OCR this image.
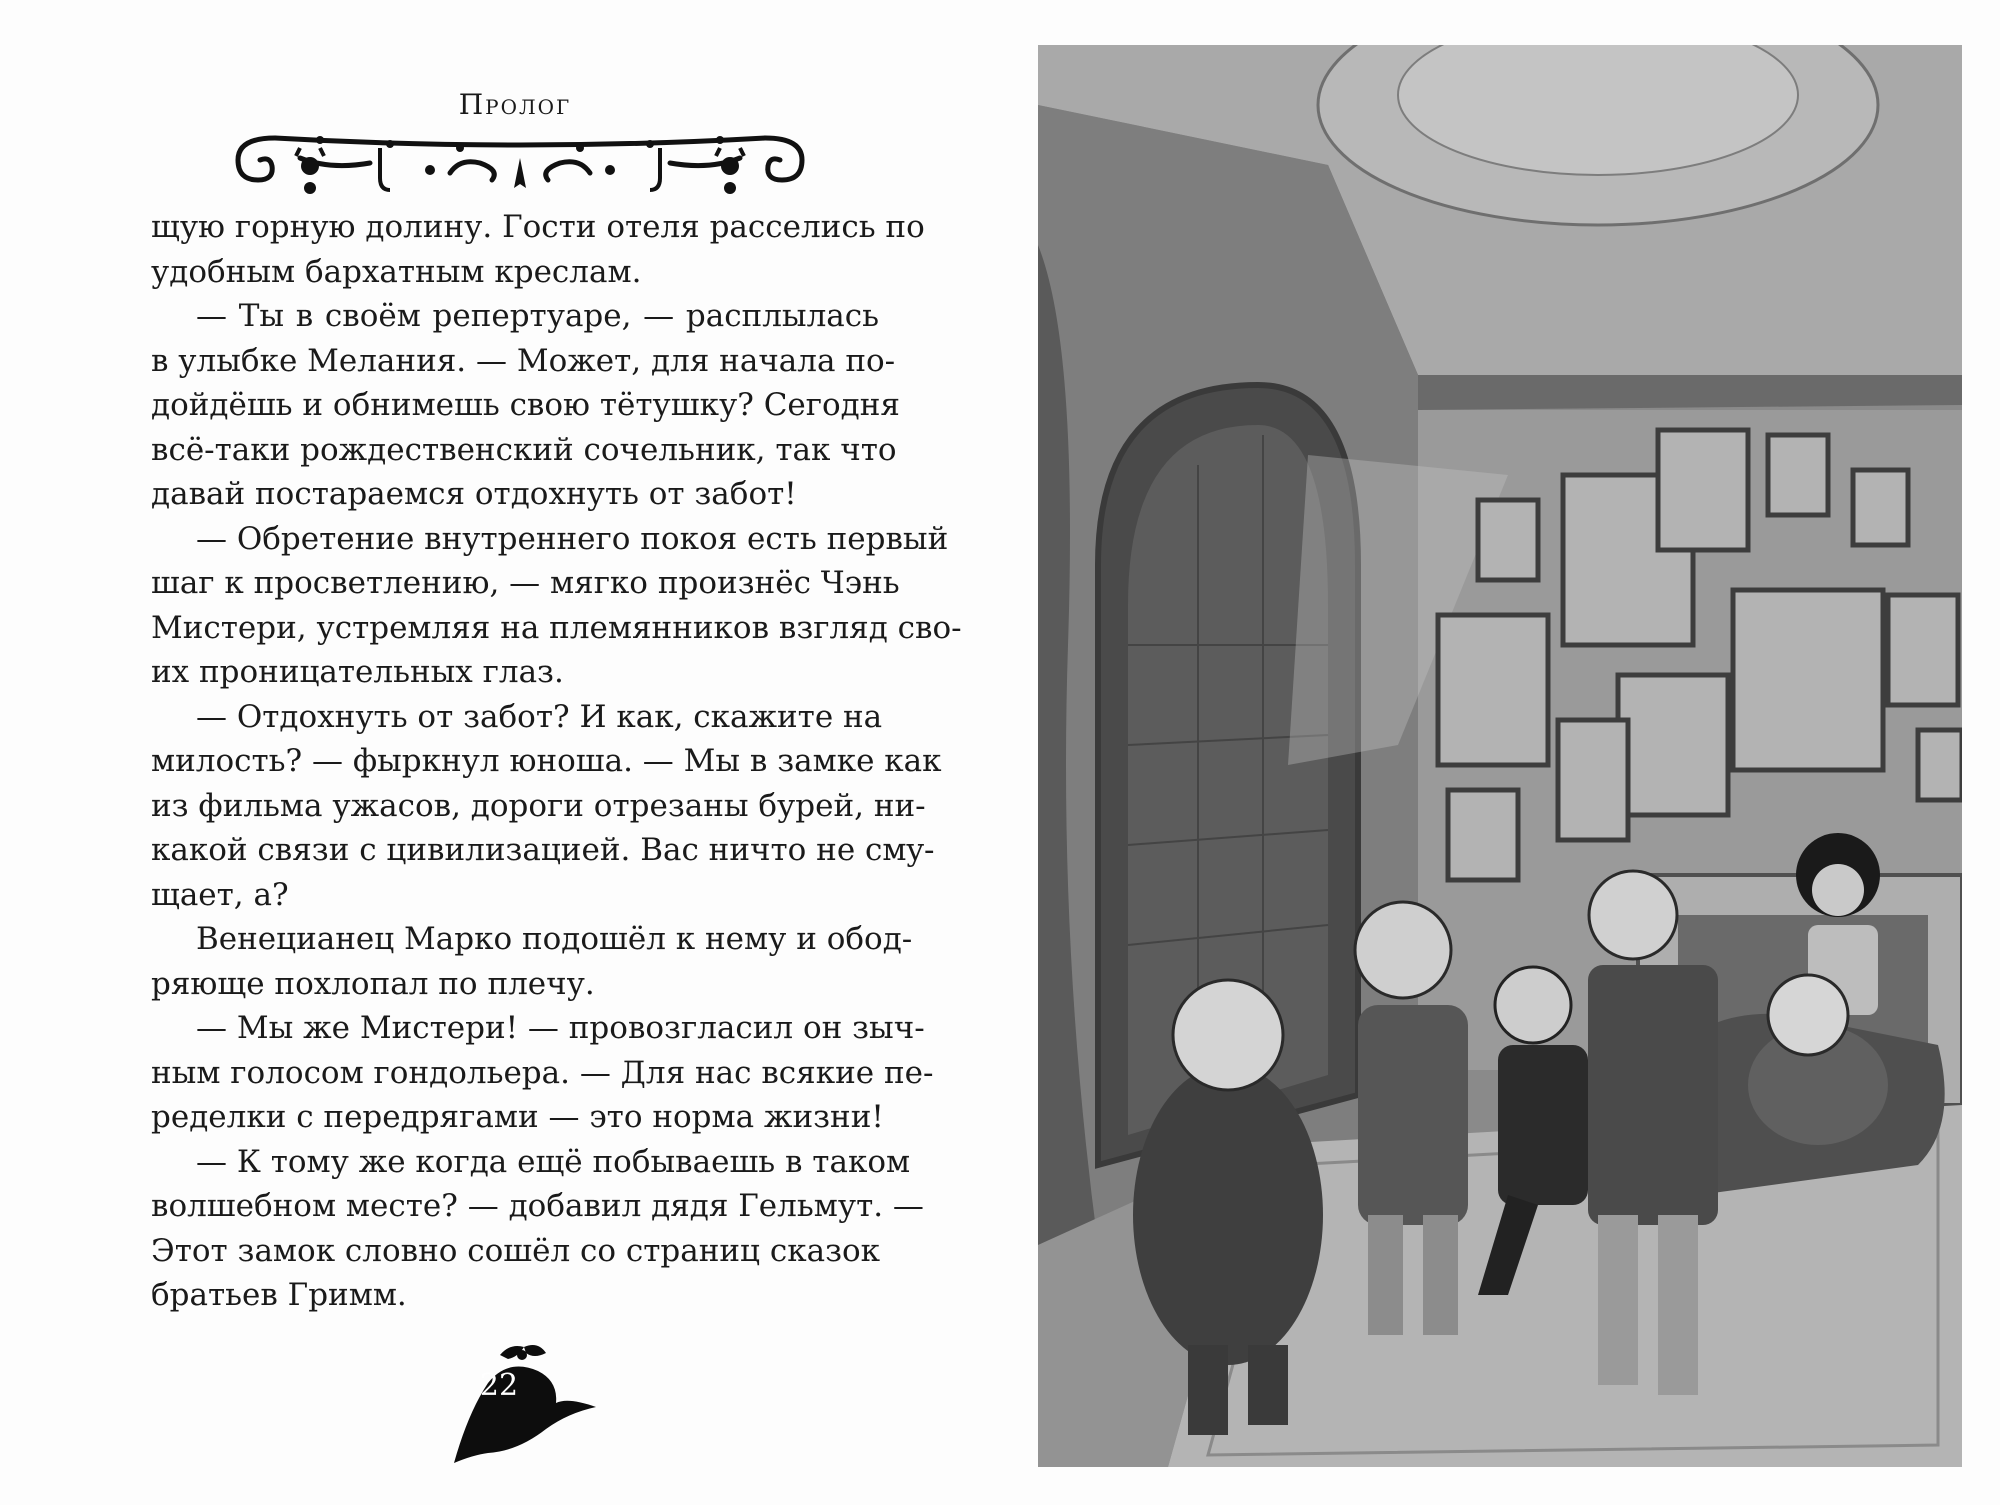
Пролог
щую горную долину. Гости отеля расселись по
удобным бархатным креслам.
— Ты в своём репертуаре, — расплылась
в улыбке Мелания. — Может, для начала по-
дойдёшь и обнимешь свою тётушку? Сегодня
всё-таки рождественский сочельник, так что
давай постараемся отдохнуть от забот!
— Обретение внутреннего покоя есть первый
шаг к просветлению, — мягко произнёс Чэнь
Мистери, устремляя на племянников взгляд сво-
их проницательных глаз.
— Отдохнуть от забот? И как, скажите на
милость? — фыркнул юноша. — Мы в замке как
из фильма ужасов, дороги отрезаны бурей, ни-
какой связи с цивилизацией. Вас ничто не смy-
щает, а?
Венецианец Марко подошёл к нему и обод-
ряюще похлопал по плечу.
— Мы же Мистери! — провозгласил он зыч-
ным голосом гондольера. — Для нас всякие пе-
ределки с передрягами — это норма жизни!
— К тому же когда ещё побываешь в таком
волшебном месте? — добавил дядя Гельмут. —
Этот замок словно сошёл со страниц сказок
братьев Гримм.
22
